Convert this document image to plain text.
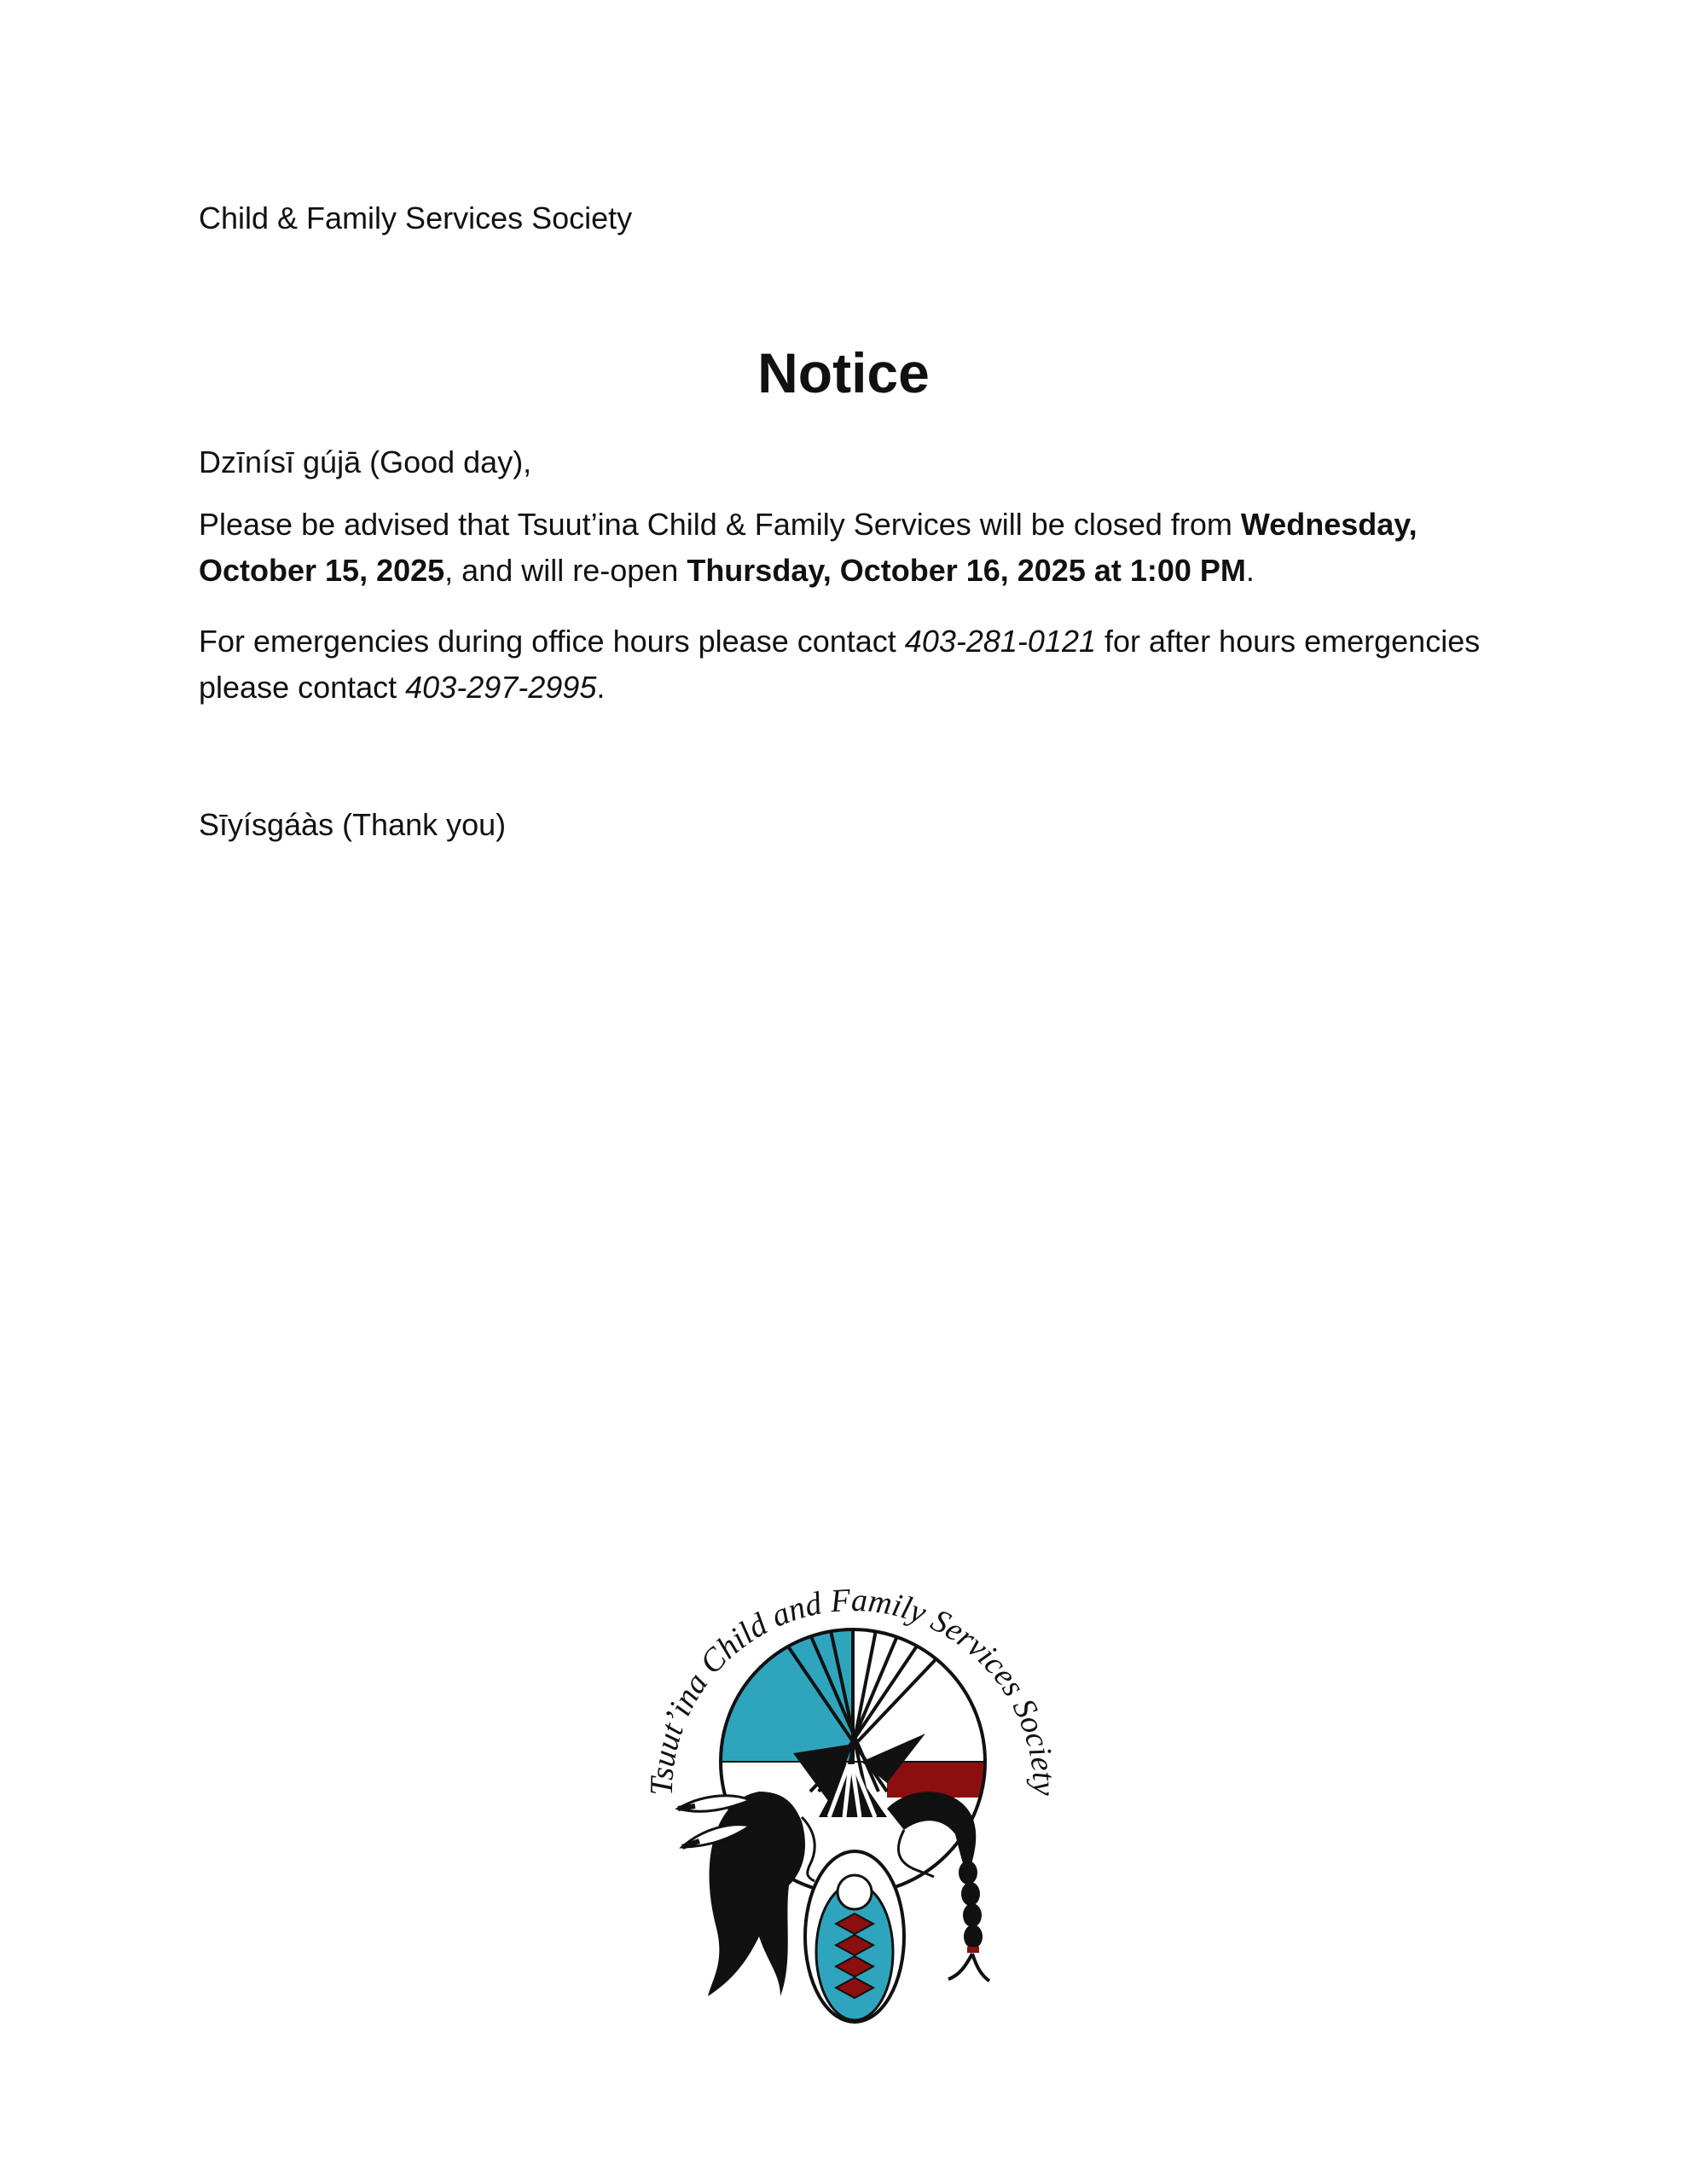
Child & Family Services Society
Notice
Dzīnísī gújā (Good day),
Please be advised that Tsuut’ina Child & Family Services will be closed from Wednesday, October 15, 2025, and will re-open Thursday, October 16, 2025 at 1:00 PM.
For emergencies during office hours please contact 403-281-0121 for after hours emergencies please contact 403-297-2995.
Sīyísgáàs (Thank you)
Tsuut’ina Child and Family Services Society
